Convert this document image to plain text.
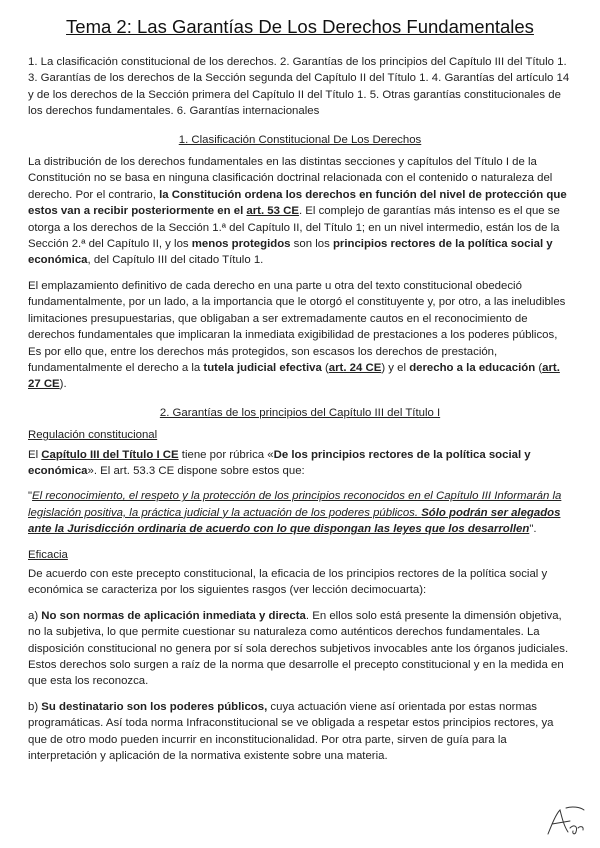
Tema 2: Las Garantías De Los Derechos Fundamentales

1. La clasificación constitucional de los derechos. 2. Garantías de los principios del Capítulo III del Título 1. 3. Garantías de los derechos de la Sección segunda del Capítulo II del Título 1. 4. Garantías del artículo 14 y de los derechos de la Sección primera del Capítulo II del Título 1. 5. Otras garantías constitucionales de los derechos fundamentales. 6. Garantías internacionales

1. Clasificación Constitucional De Los Derechos

La distribución de los derechos fundamentales en las distintas secciones y capítulos del Título I de la Constitución no se basa en ninguna clasificación doctrinal relacionada con el contenido o naturaleza del derecho. Por el contrario, la Constitución ordena los derechos en función del nivel de protección que estos van a recibir posteriormente en el art. 53 CE. El complejo de garantías más intenso es el que se otorga a los derechos de la Sección 1.ª del Capítulo II, del Título 1; en un nivel intermedio, están los de la Sección 2.ª del Capítulo II, y los menos protegidos son los principios rectores de la política social y económica, del Capítulo III del citado Título 1.

El emplazamiento definitivo de cada derecho en una parte u otra del texto constitucional obedeció fundamentalmente, por un lado, a la importancia que le otorgó el constituyente y, por otro, a las ineludibles limitaciones presupuestarias, que obligaban a ser extremadamente cautos en el reconocimiento de derechos fundamentales que implicaran la inmediata exigibilidad de prestaciones a los poderes públicos, Es por ello que, entre los derechos más protegidos, son escasos los derechos de prestación, fundamentalmente el derecho a la tutela judicial efectiva (art. 24 CE) y el derecho a la educación (art. 27 CE).

2. Garantías de los principios del Capítulo III del Título I
Regulación constitucional

El Capítulo III del Título I CE tiene por rúbrica «De los principios rectores de la política social y económica». El art. 53.3 CE dispone sobre estos que:

"El reconocimiento, el respeto y la protección de los principios reconocidos en el Capítulo III Informarán la legislación positiva, la práctica judicial y la actuación de los poderes públicos. Sólo podrán ser alegados ante la Jurisdicción ordinaria de acuerdo con lo que dispongan las leyes que los desarrollen".

Eficacia

De acuerdo con este precepto constitucional, la eficacia de los principios rectores de la política social y económica se caracteriza por los siguientes rasgos (ver lección decimocuarta):

a) No son normas de aplicación inmediata y directa. En ellos solo está presente la dimensión objetiva, no la subjetiva, lo que permite cuestionar su naturaleza como auténticos derechos fundamentales. La disposición constitucional no genera por sí sola derechos subjetivos invocables ante los órganos judiciales. Estos derechos solo surgen a raíz de la norma que desarrolle el precepto constitucional y en la medida en que esta los reconozca.

b) Su destinatario son los poderes públicos, cuya actuación viene así orientada por estas normas programáticas. Así toda norma Infraconstitucional se ve obligada a respetar estos principios rectores, ya que de otro modo pueden incurrir en inconstitucionalidad. Por otra parte, sirven de guía para la interpretación y aplicación de la normativa existente sobre una materia.
